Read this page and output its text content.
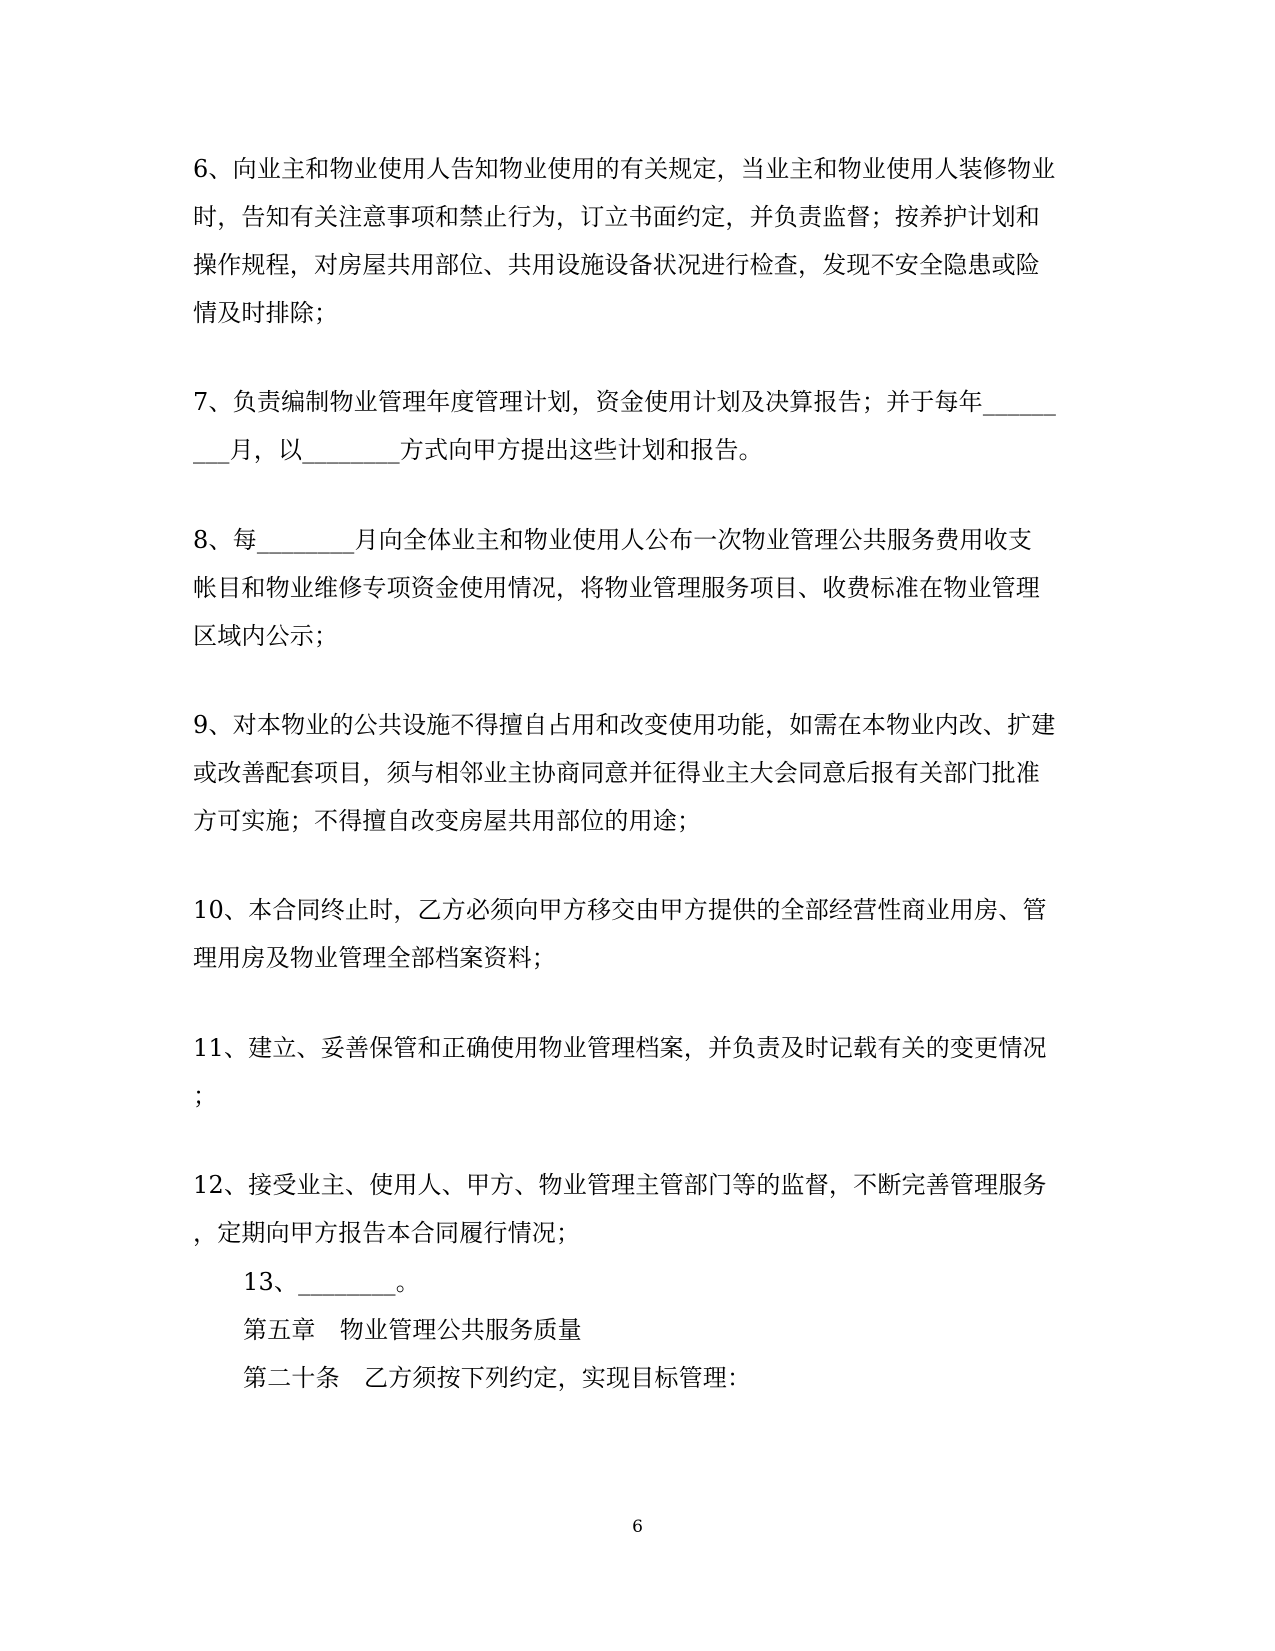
6、向业主和物业使用人告知物业使用的有关规定，当业主和物业使用人装修物业
时，告知有关注意事项和禁止行为，订立书面约定，并负责监督；按养护计划和
操作规程，对房屋共用部位、共用设施设备状况进行检查，发现不安全隐患或险
情及时排除；
7、负责编制物业管理年度管理计划，资金使用计划及决算报告；并于每年______
___月，以________方式向甲方提出这些计划和报告。
8、每________月向全体业主和物业使用人公布一次物业管理公共服务费用收支
帐目和物业维修专项资金使用情况，将物业管理服务项目、收费标准在物业管理
区域内公示；
9、对本物业的公共设施不得擅自占用和改变使用功能，如需在本物业内改、扩建
或改善配套项目，须与相邻业主协商同意并征得业主大会同意后报有关部门批准
方可实施；不得擅自改变房屋共用部位的用途；
10、本合同终止时，乙方必须向甲方移交由甲方提供的全部经营性商业用房、管
理用房及物业管理全部档案资料；
11、建立、妥善保管和正确使用物业管理档案，并负责及时记载有关的变更情况
；
12、接受业主、使用人、甲方、物业管理主管部门等的监督，不断完善管理服务
，定期向甲方报告本合同履行情况；
13、________。
第五章　物业管理公共服务质量
第二十条　乙方须按下列约定，实现目标管理：
6
